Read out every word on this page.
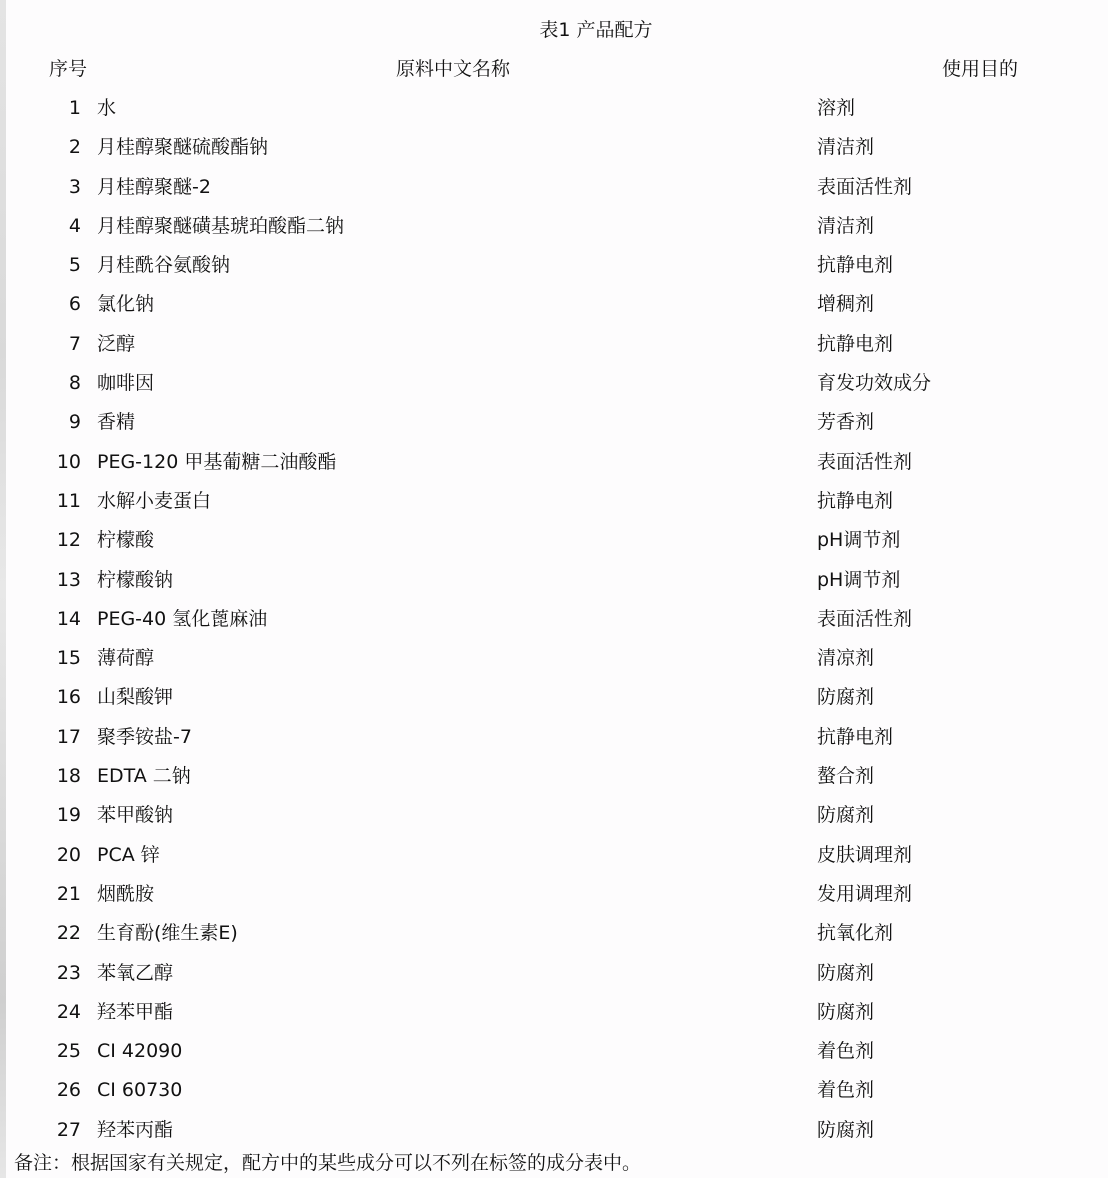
表1 产品配方
序号	原料中文名称	使用目的
1 水	溶剂
2 月桂醇聚醚硫酸酯钠	清洁剂
3 月桂醇聚醚-2	表面活性剂
4 月桂醇聚醚磺基琥珀酸酯二钠	清洁剂
5 月桂酰谷氨酸钠	抗静电剂
6 氯化钠	增稠剂
7 泛醇	抗静电剂
8 咖啡因	育发功效成分
9 香精	芳香剂
10 PEG-120 甲基葡糖二油酸酯	表面活性剂
11 水解小麦蛋白	抗静电剂
12 柠檬酸	pH调节剂
13 柠檬酸钠	pH调节剂
14 PEG-40 氢化蓖麻油	表面活性剂
15 薄荷醇	清凉剂
16 山梨酸钾	防腐剂
17 聚季铵盐-7	抗静电剂
18 EDTA 二钠	螯合剂
19 苯甲酸钠	防腐剂
20 PCA 锌	皮肤调理剂
21 烟酰胺	发用调理剂
22 生育酚(维生素E)	抗氧化剂
23 苯氧乙醇	防腐剂
24 羟苯甲酯	防腐剂
25 CI 42090	着色剂
26 CI 60730	着色剂
27 羟苯丙酯	防腐剂
备注：根据国家有关规定，配方中的某些成分可以不列在标签的成分表中。
